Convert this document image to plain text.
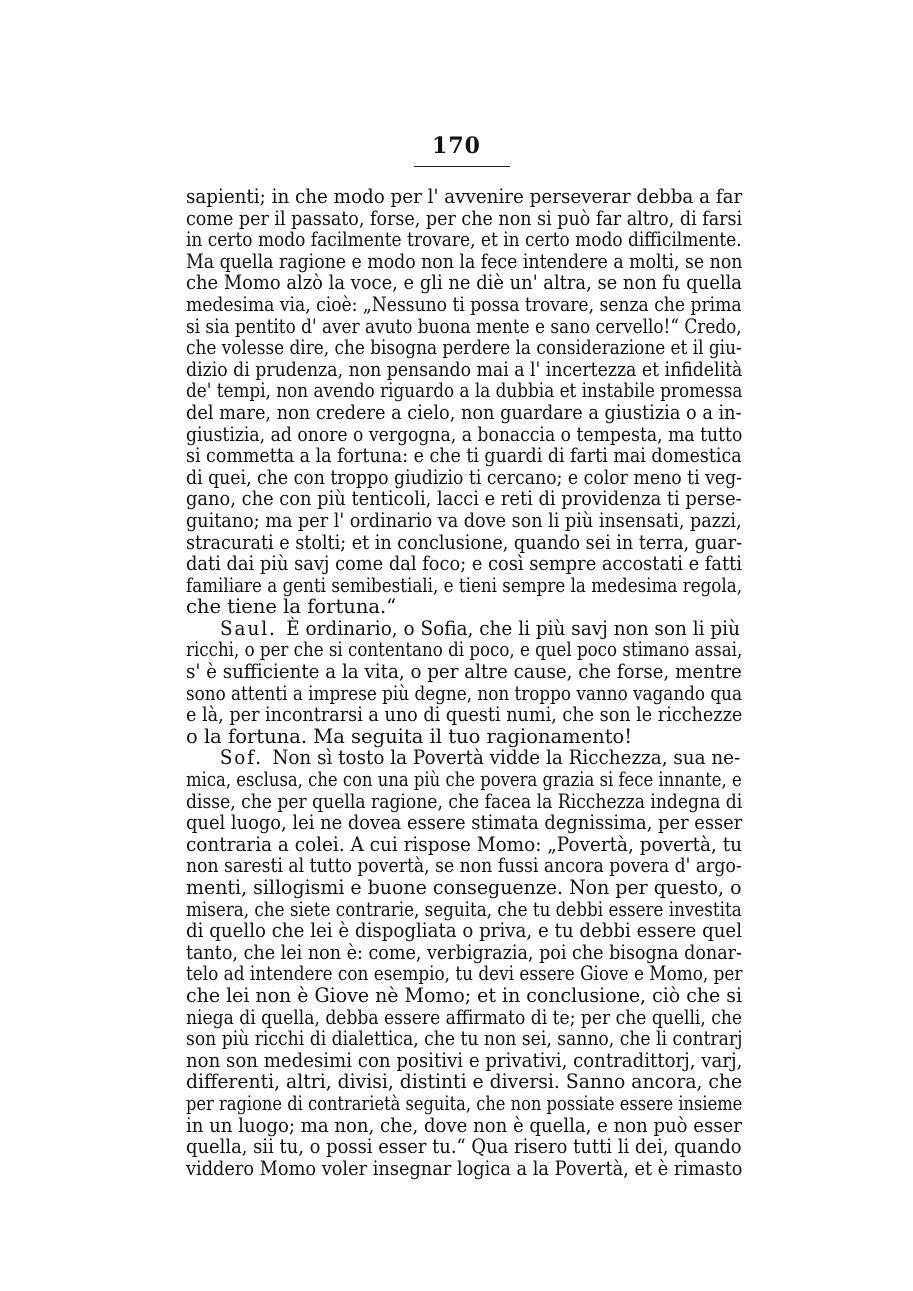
170
sapienti; in che modo per l' avvenire perseverar debba a far
come per il passato, forse, per che non si può far altro, di farsi
in certo modo facilmente trovare, et in certo modo difficilmente.
Ma quella ragione e modo non la fece intendere a molti, se non
che Momo alzò la voce, e gli ne diè un' altra, se non fu quella
medesima via, cioè: „Nessuno ti possa trovare, senza che prima
si sia pentito d' aver avuto buona mente e sano cervello!“ Credo,
che volesse dire, che bisogna perdere la considerazione et il giu-
dizio di prudenza, non pensando mai a l' incertezza et infidelità
de' tempi, non avendo riguardo a la dubbia et instabile promessa
del mare, non credere a cielo, non guardare a giustizia o a in-
giustizia, ad onore o vergogna, a bonaccia o tempesta, ma tutto
si commetta a la fortuna: e che ti guardi di farti mai domestica
di quei, che con troppo giudizio ti cercano; e color meno ti veg-
gano, che con più tenticoli, lacci e reti di providenza ti perse-
guitano; ma per l' ordinario va dove son li più insensati, pazzi,
stracurati e stolti; et in conclusione, quando sei in terra, guar-
dati dai più savj come dal foco; e così sempre accostati e fatti
familiare a genti semibestiali, e tieni sempre la medesima regola,
che tiene la fortuna.“
Saul. È ordinario, o Sofia, che li più savj non son li più
ricchi, o per che si contentano di poco, e quel poco stimano assai,
s' è sufficiente a la vita, o per altre cause, che forse, mentre
sono attenti a imprese più degne, non troppo vanno vagando qua
e là, per incontrarsi a uno di questi numi, che son le ricchezze
o la fortuna. Ma seguita il tuo ragionamento!
Sof. Non sì tosto la Povertà vidde la Ricchezza, sua ne-
mica, esclusa, che con una più che povera grazia si fece innante, e
disse, che per quella ragione, che facea la Ricchezza indegna di
quel luogo, lei ne dovea essere stimata degnissima, per esser
contraria a colei. A cui rispose Momo: „Povertà, povertà, tu
non saresti al tutto povertà, se non fussi ancora povera d' argo-
menti, sillogismi e buone conseguenze. Non per questo, o
misera, che siete contrarie, seguita, che tu debbi essere investita
di quello che lei è dispogliata o priva, e tu debbi essere quel
tanto, che lei non è: come, verbigrazia, poi che bisogna donar-
telo ad intendere con esempio, tu devi essere Giove e Momo, per
che lei non è Giove nè Momo; et in conclusione, ciò che si
niega di quella, debba essere affirmato di te; per che quelli, che
son più ricchi di dialettica, che tu non sei, sanno, che li contrarj
non son medesimi con positivi e privativi, contradittorj, varj,
differenti, altri, divisi, distinti e diversi. Sanno ancora, che
per ragione di contrarietà seguita, che non possiate essere insieme
in un luogo; ma non, che, dove non è quella, e non può esser
quella, sii tu, o possi esser tu.“ Qua risero tutti li dei, quando
viddero Momo voler insegnar logica a la Povertà, et è rimasto
